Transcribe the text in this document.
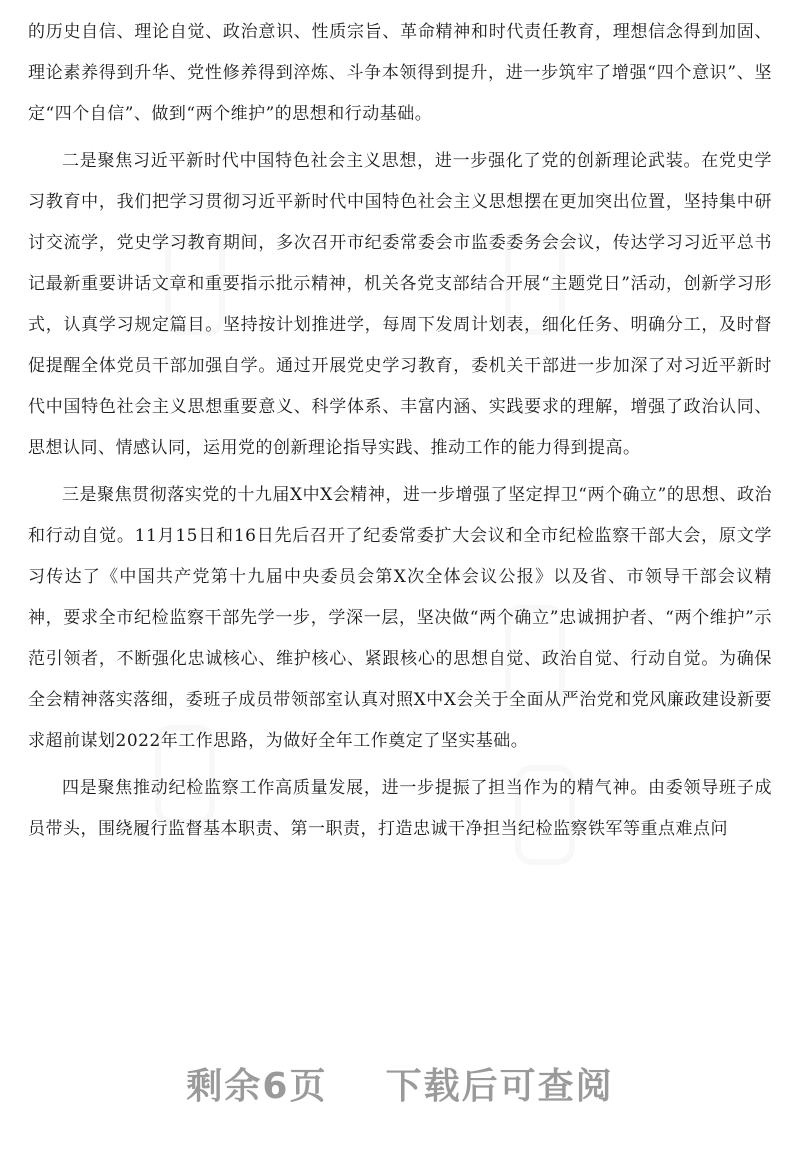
的历史自信、理论自觉、政治意识、性质宗旨、革命精神和时代责任教育，理想信念得到加固、理论素养得到升华、党性修养得到淬炼、斗争本领得到提升，进一步筑牢了增强“四个意识”、坚定“四个自信”、做到“两个维护”的思想和行动基础。

二是聚焦习近平新时代中国特色社会主义思想，进一步强化了党的创新理论武装。在党史学习教育中，我们把学习贯彻习近平新时代中国特色社会主义思想摆在更加突出位置，坚持集中研讨交流学，党史学习教育期间，多次召开市纪委常委会市监委委务会会议，传达学习习近平总书记最新重要讲话文章和重要指示批示精神，机关各党支部结合开展“主题党日”活动，创新学习形式，认真学习规定篇目。坚持按计划推进学，每周下发周计划表，细化任务、明确分工，及时督促提醒全体党员干部加强自学。通过开展党史学习教育，委机关干部进一步加深了对习近平新时代中国特色社会主义思想重要意义、科学体系、丰富内涵、实践要求的理解，增强了政治认同、思想认同、情感认同，运用党的创新理论指导实践、推动工作的能力得到提高。

三是聚焦贯彻落实党的十九届X中X会精神，进一步增强了坚定捍卫“两个确立”的思想、政治和行动自觉。11月15日和16日先后召开了纪委常委扩大会议和全市纪检监察干部大会，原文学习传达了《中国共产党第十九届中央委员会第X次全体会议公报》以及省、市领导干部会议精神，要求全市纪检监察干部先学一步，学深一层，坚决做“两个确立”忠诚拥护者、“两个维护”示范引领者，不断强化忠诚核心、维护核心、紧跟核心的思想自觉、政治自觉、行动自觉。为确保全会精神落实落细，委班子成员带领部室认真对照X中X会关于全面从严治党和党风廉政建设新要求超前谋划2022年工作思路，为做好全年工作奠定了坚实基础。

四是聚焦推动纪检监察工作高质量发展，进一步提振了担当作为的精气神。由委领导班子成员带头，围绕履行监督基本职责、第一职责，打造忠诚干净担当纪检监察铁军等重点难点问

剩余6页 下载后可查阅
